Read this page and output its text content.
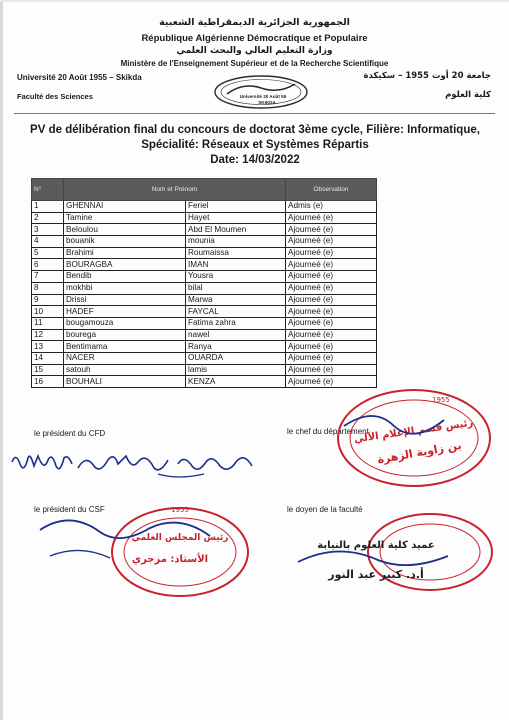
الجمهورية الجزائرية الديمقراطية الشعبية
République Algérienne Démocratique et Populaire
وزارة التعليم العالي والبحث العلمي
Ministère de l'Enseignement Supérieur et de la Recherche Scientifique
Université 20 Août 1955 – Skikda	جامعة 20 أوت 1955 – سكيكدة
Faculté des Sciences	كلية العلوم
Université 20 Août 55
SKIKDA
PV de délibération final du concours de doctorat 3ème cycle, Filière: Informatique,
Spécialité: Réseaux et Systèmes Répartis
Date: 14/03/2022
N°	Nom et Prénom		Observation
1	GHENNAI	Feriel	Admis (e)
2	Tamine	Hayet	Ajourneé (e)
3	Beloulou	Abd El Moumen	Ajourneé (e)
4	bouanik	mounia	Ajourneé (e)
5	Brahimi	Roumaissa	Ajourneé (e)
6	BOURAGBA	IMAN	Ajourneé (e)
7	Bendib	Yousra	Ajourneé (e)
8	mokhbi	bilal	Ajourneé (e)
9	Drissi	Marwa	Ajourneé (e)
10	HADEF	FAYCAL	Ajourneé (e)
11	bougamouza	Fatima zahra	Ajourneé (e)
12	bourega	nawel	Ajourneé (e)
13	Bentimama	Ranya	Ajourneé (e)
14	NACER	OUARDA	Ajourneé (e)
15	satouh	lamis	Ajourneé (e)
16	BOUHALI	KENZA	Ajourneé (e)
le président du CFD	le chef du département
le président du CSF	le doyen de la faculté
1955
رئيس قسم الإعلام الآلي
بن زاوية الزهرة
1955
رئيس المجلس العلمي
الأستاذ: مزجري
عميد كلية العلوم بالنيابة
أ.د. كبير عبد النور
